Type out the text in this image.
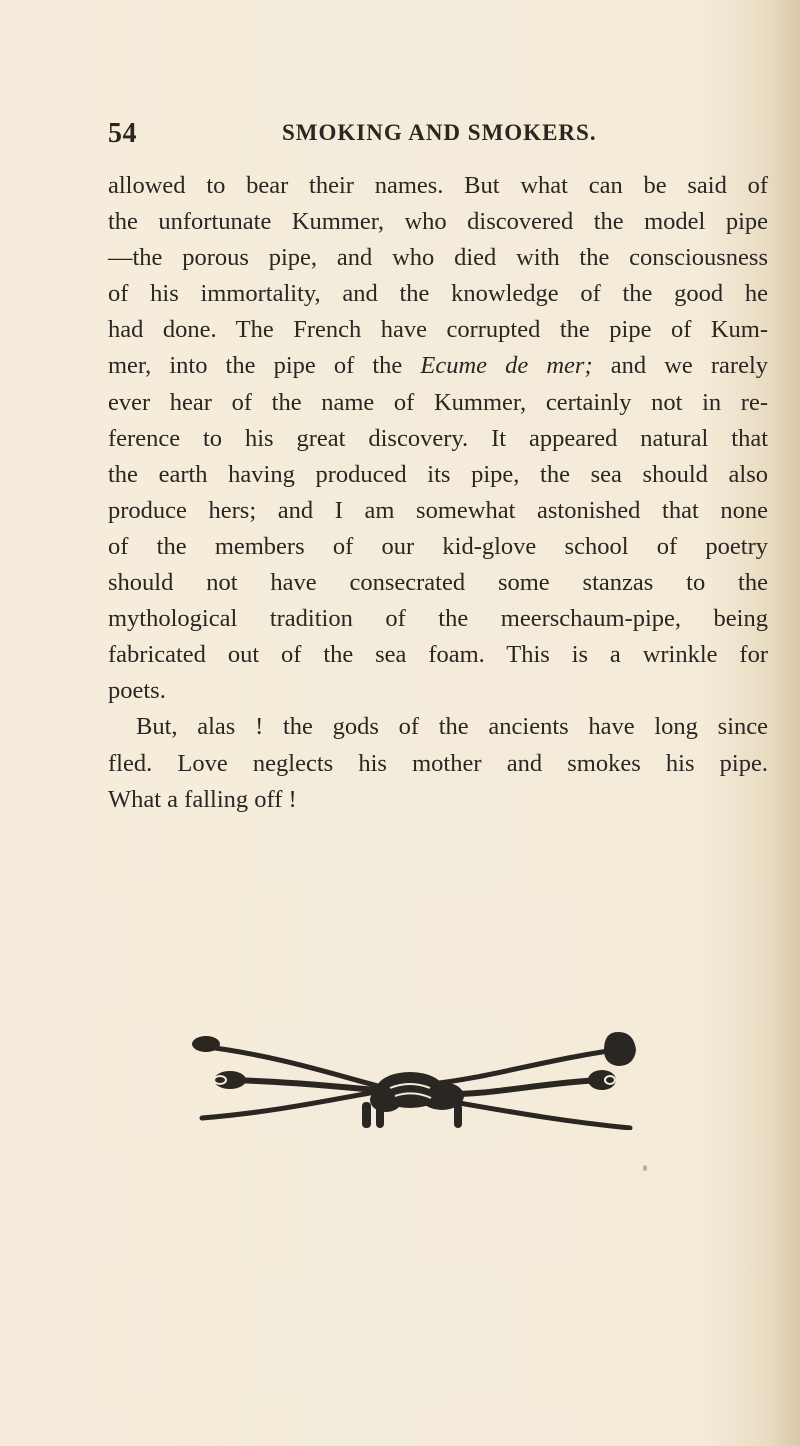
54	SMOKING AND SMOKERS.
allowed to bear their names. But what can be said of
the unfortunate Kummer, who discovered the model pipe
—the porous pipe, and who died with the consciousness
of his immortality, and the knowledge of the good he
had done. The French have corrupted the pipe of Kum-
mer, into the pipe of the Ecume de mer; and we rarely
ever hear of the name of Kummer, certainly not in re-
ference to his great discovery. It appeared natural that
the earth having produced its pipe, the sea should also
produce hers; and I am somewhat astonished that none
of the members of our kid-glove school of poetry
should not have consecrated some stanzas to the
mythological tradition of the meerschaum-pipe, being
fabricated out of the sea foam. This is a wrinkle for
poets.
But, alas ! the gods of the ancients have long since
fled. Love neglects his mother and smokes his pipe.
What a falling off !
